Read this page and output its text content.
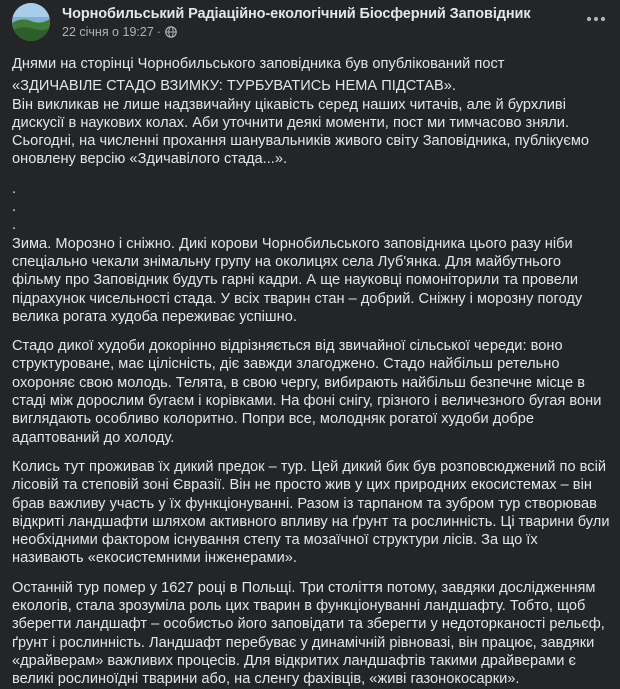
Чорнобильський Радіаційно-екологічний Біосферний Заповідник
22 січня о 19:27 ·

Днями на сторінці Чорнобильського заповідника був опублікований пост

«ЗДИЧАВІЛЕ СТАДО ВЗИМКУ: ТУРБУВАТИСЬ НЕМА ПІДСТАВ».
Він викликав не лише надзвичайну цікавість серед наших читачів, але й бурхливі дискусії в наукових колах. Аби уточнити деякі моменти, пост ми тимчасово зняли.
Сьогодні, на численні прохання шанувальників живого світу Заповідника, публікуємо оновлену версію «Здичавілого стада...».

.
.
.

Зима. Морозно і сніжно. Дикі корови Чорнобильського заповідника цього разу ніби спеціально чекали знімальну групу на околицях села Луб'янка. Для майбутнього фільму про Заповідник будуть гарні кадри. А ще науковці помоніторили та провели підрахунок чисельності стада. У всіх тварин стан – добрий. Сніжну і морозну погоду велика рогата худоба переживає успішно.

Стадо дикої худоби докорінно відрізняється від звичайної сільської череди: воно структуроване, має цілісність, діє завжди злагоджено. Стадо найбільш ретельно охороняє свою молодь. Телята, в свою чергу, вибирають найбільш безпечне місце в стаді між дорослим бугаєм і корівками. На фоні снігу, грізного і величезного бугая вони виглядають особливо колоритно. Попри все, молодняк рогатої худоби добре адаптований до холоду.

Колись тут проживав їх дикий предок – тур. Цей дикий бик був розповсюджений по всій лісовій та степовій зоні Євразії. Він не просто жив у цих природних екосистемах – він брав важливу участь у їх функціонуванні. Разом із тарпаном та зубром тур створював відкриті ландшафти шляхом активного впливу на ґрунт та рослинність. Ці тварини були необхідними фактором існування степу та мозаїчної структури лісів. За що їх називають «екосистемними інженерами».

Останній тур помер у 1627 році в Польщі. Три століття потому, завдяки дослідженням екологів, стала зрозуміла роль цих тварин в функціонуванні ландшафту. Тобто, щоб зберегти ландшафт – особистьо його заповідати та зберегти у недоторканості рельєф, ґрунт і рослинність. Ландшафт перебуває у динамічній рівновазі, він працює, завдяки «драйверам» важливих процесів. Для відкритих ландшафтів такими драйверами є великі рослиноїдні тварини або, на сленгу фахівців, «живі газонокосарки».
